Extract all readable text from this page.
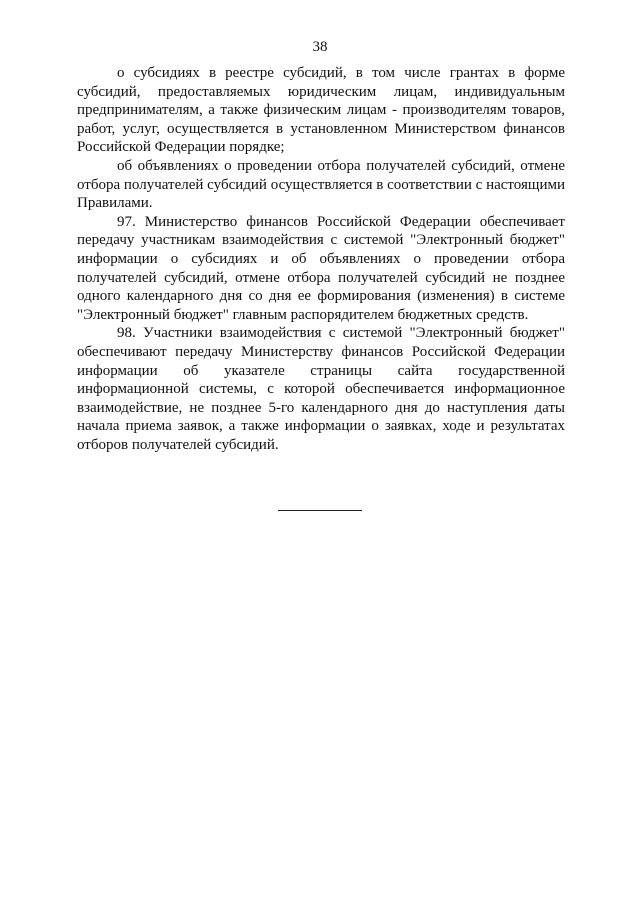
38

о субсидиях в реестре субсидий, в том числе грантах в форме субсидий, предоставляемых юридическим лицам, индивидуальным предпринимателям, а также физическим лицам - производителям товаров, работ, услуг, осуществляется в установленном Министерством финансов Российской Федерации порядке;

об объявлениях о проведении отбора получателей субсидий, отмене отбора получателей субсидий осуществляется в соответствии с настоящими Правилами.

97. Министерство финансов Российской Федерации обеспечивает передачу участникам взаимодействия с системой "Электронный бюджет" информации о субсидиях и об объявлениях о проведении отбора получателей субсидий, отмене отбора получателей субсидий не позднее одного календарного дня со дня ее формирования (изменения) в системе "Электронный бюджет" главным распорядителем бюджетных средств.

98. Участники взаимодействия с системой "Электронный бюджет" обеспечивают передачу Министерству финансов Российской Федерации информации об указателе страницы сайта государственной информационной системы, с которой обеспечивается информационное взаимодействие, не позднее 5-го календарного дня до наступления даты начала приема заявок, а также информации о заявках, ходе и результатах отборов получателей субсидий.
